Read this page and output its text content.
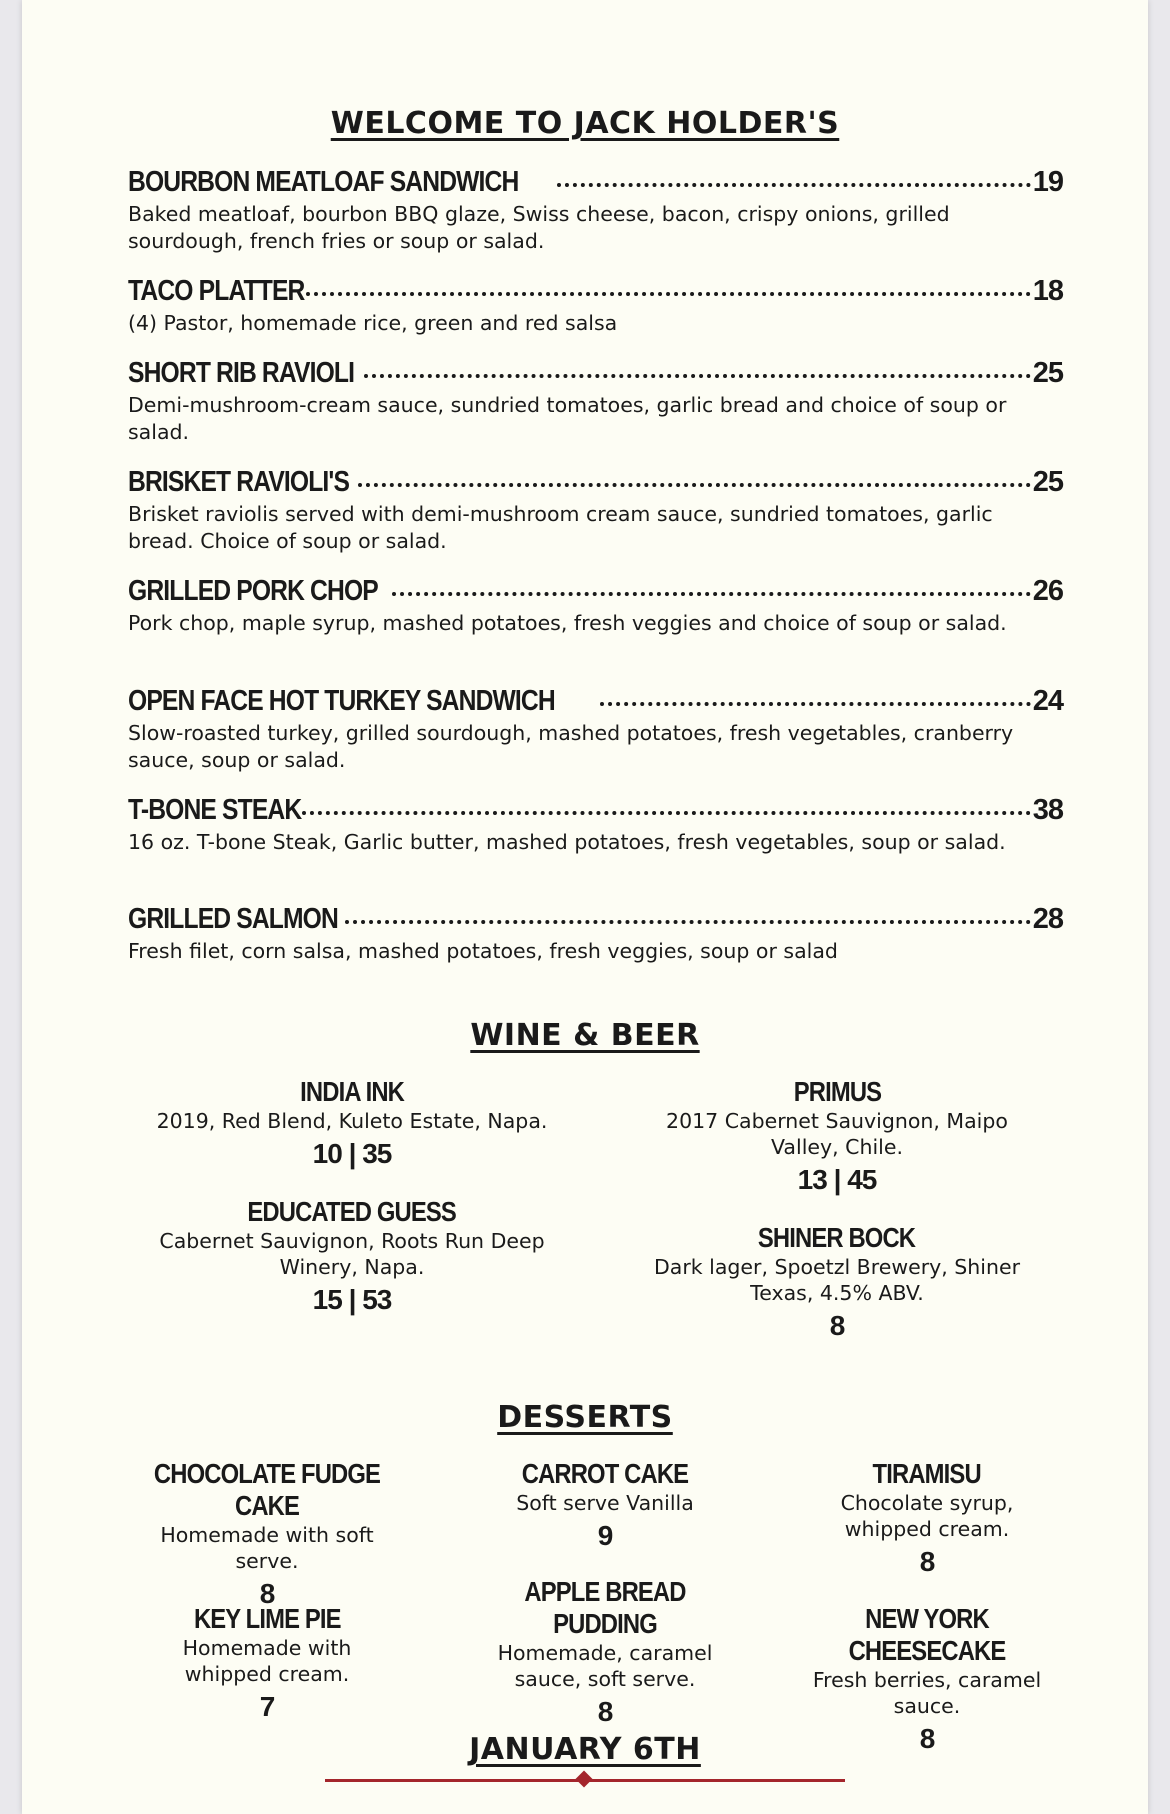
WELCOME TO JACK HOLDER'S
BOURBON MEATLOAF SANDWICH	19
Baked meatloaf, bourbon BBQ glaze, Swiss cheese, bacon, crispy onions, grilled sourdough, french fries or soup or salad.
TACO PLATTER	18
(4) Pastor, homemade rice, green and red salsa
SHORT RIB RAVIOLI	25
Demi-mushroom-cream sauce, sundried tomatoes, garlic bread and choice of soup or salad.
BRISKET RAVIOLI'S	25
Brisket raviolis served with demi-mushroom cream sauce, sundried tomatoes, garlic bread. Choice of soup or salad.
GRILLED PORK CHOP	26
Pork chop, maple syrup, mashed potatoes, fresh veggies and choice of soup or salad.
OPEN FACE HOT TURKEY SANDWICH	24
Slow-roasted turkey, grilled sourdough, mashed potatoes, fresh vegetables, cranberry sauce, soup or salad.
T-BONE STEAK	38
16 oz. T-bone Steak, Garlic butter, mashed potatoes, fresh vegetables, soup or salad.
GRILLED SALMON	28
Fresh filet, corn salsa, mashed potatoes, fresh veggies, soup or salad
WINE & BEER
INDIA INK
2019, Red Blend, Kuleto Estate, Napa.
10 | 35
PRIMUS
2017 Cabernet Sauvignon, Maipo Valley, Chile.
13 | 45
EDUCATED GUESS
Cabernet Sauvignon, Roots Run Deep Winery, Napa.
15 | 53
SHINER BOCK
Dark lager, Spoetzl Brewery, Shiner Texas, 4.5% ABV.
8
DESSERTS
CHOCOLATE FUDGE CAKE
Homemade with soft serve.
8
CARROT CAKE
Soft serve Vanilla
9
TIRAMISU
Chocolate syrup, whipped cream.
8
KEY LIME PIE
Homemade with whipped cream.
7
APPLE BREAD PUDDING
Homemade, caramel sauce, soft serve.
8
NEW YORK CHEESECAKE
Fresh berries, caramel sauce.
8
JANUARY 6TH
